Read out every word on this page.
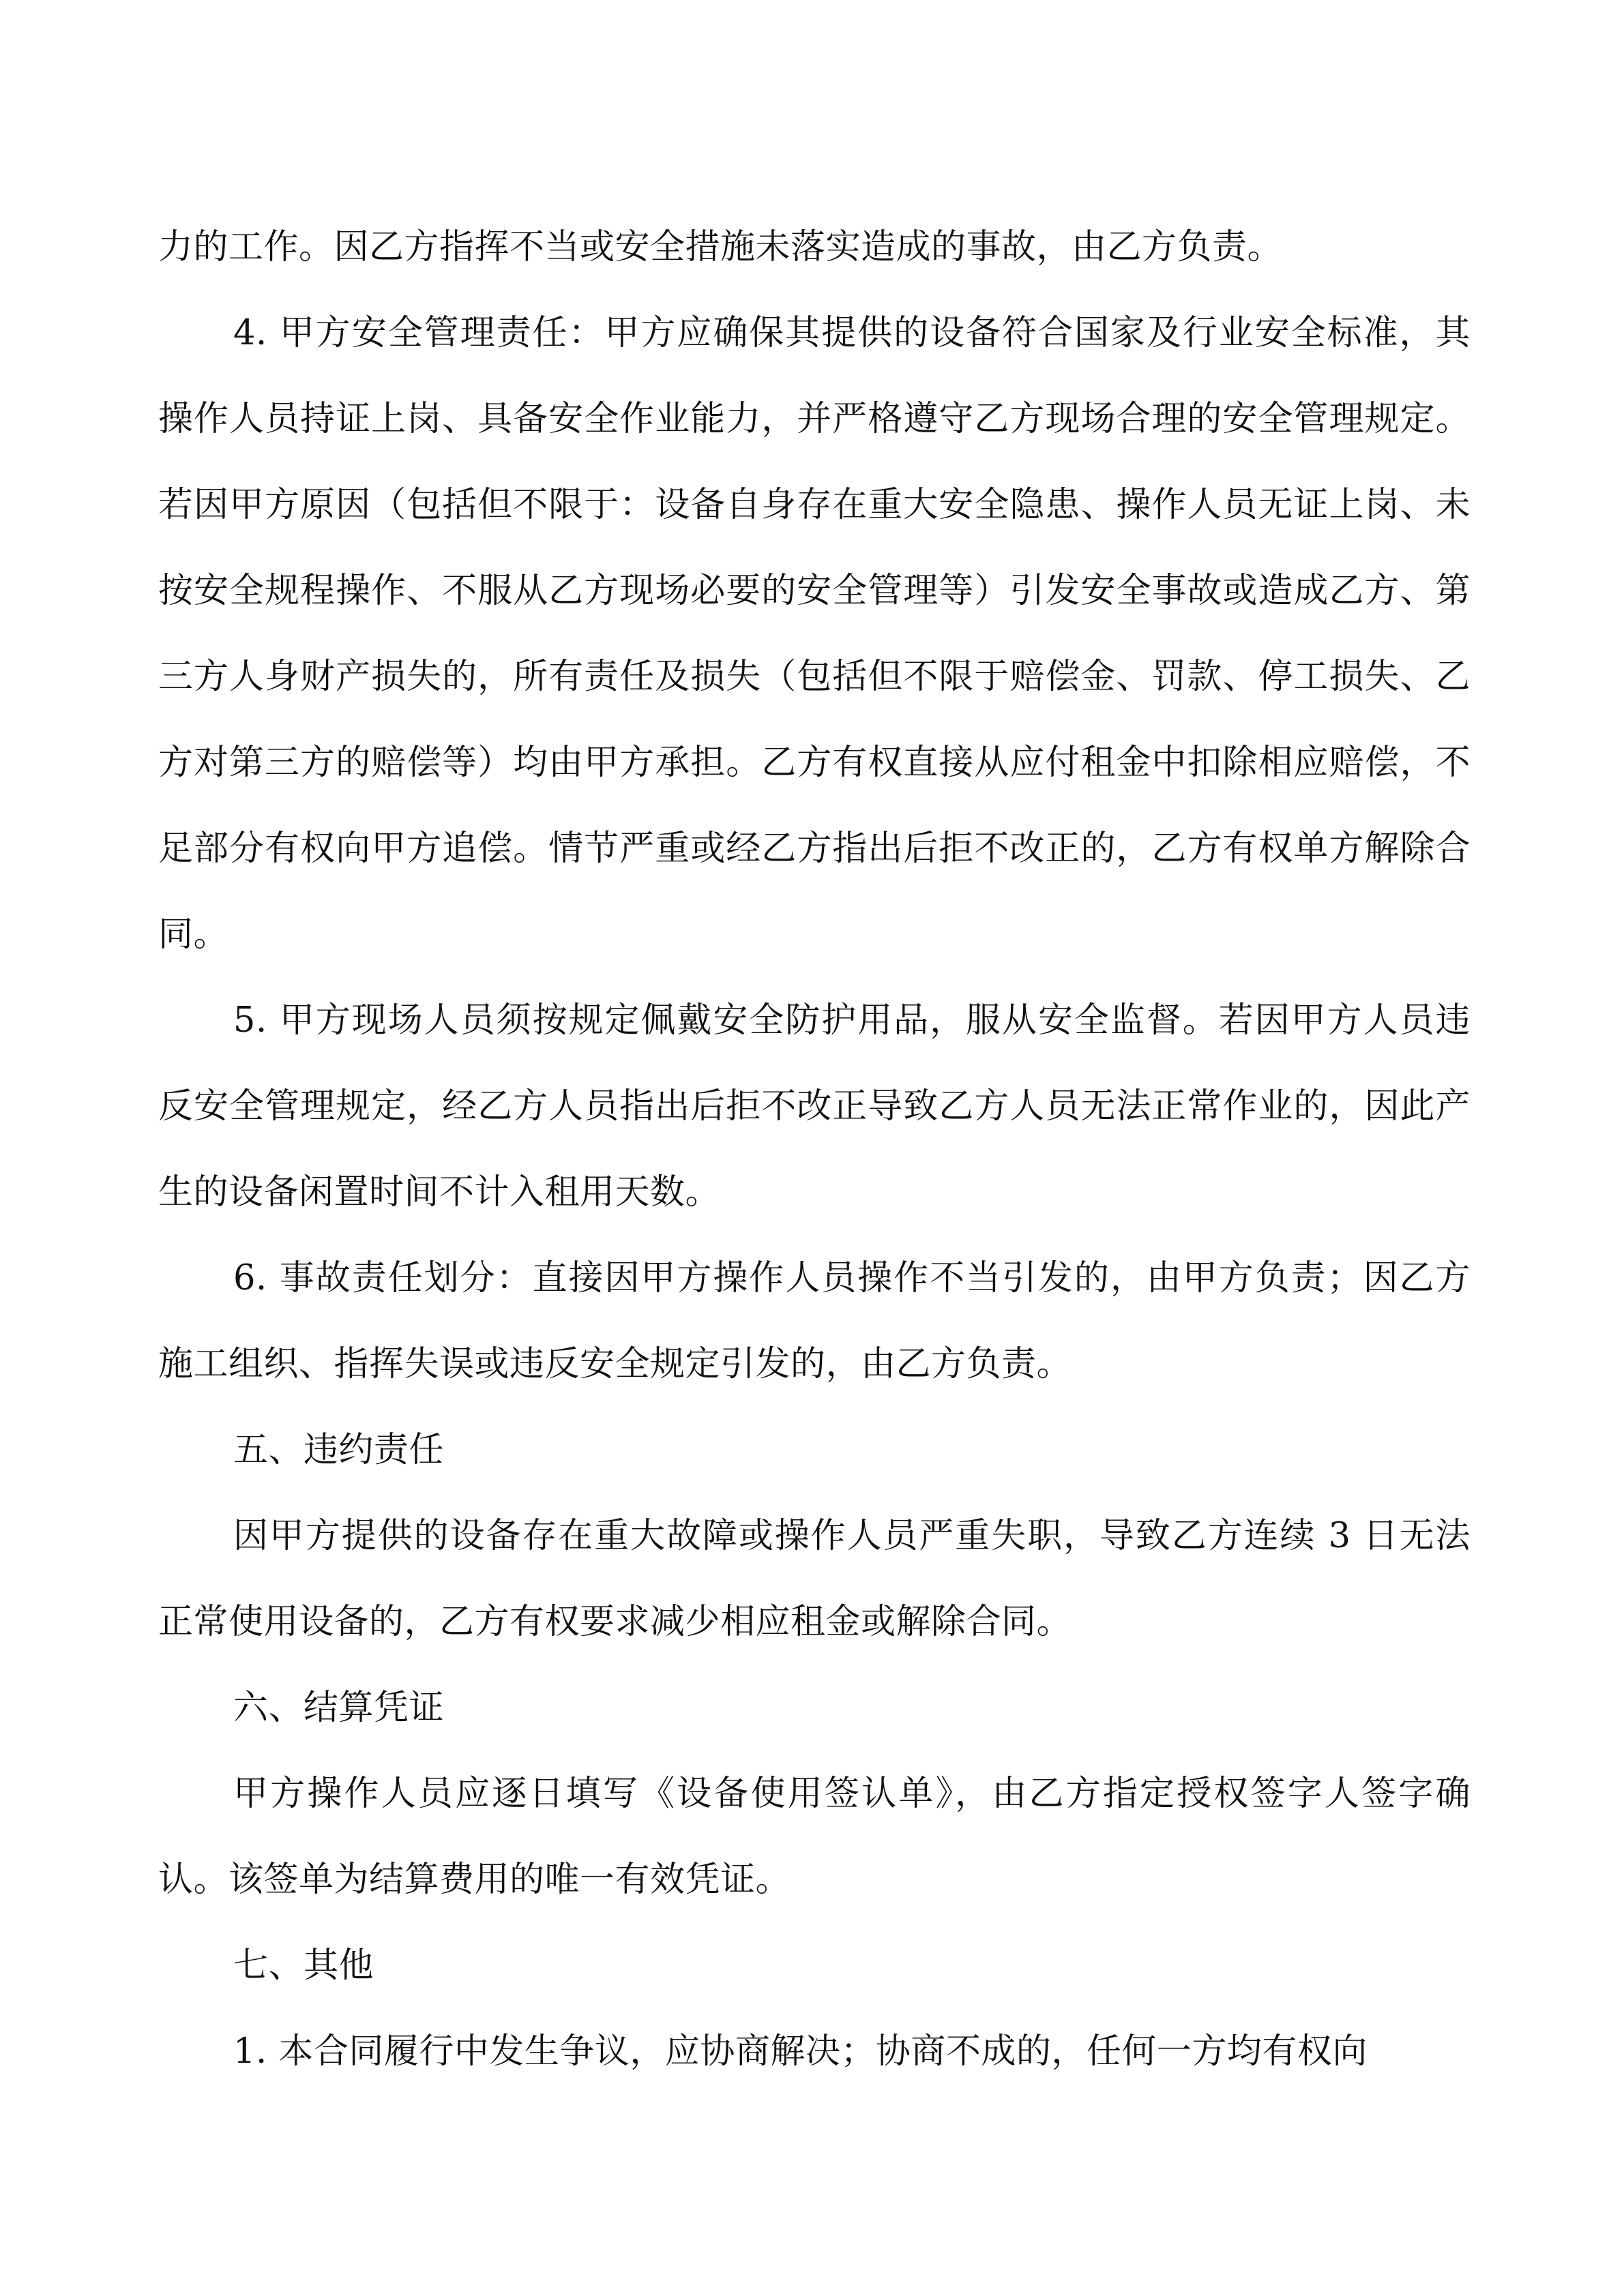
力的工作。因乙方指挥不当或安全措施未落实造成的事故，由乙方负责。

4. 甲方安全管理责任：甲方应确保其提供的设备符合国家及行业安全标准，其操作人员持证上岗、具备安全作业能力，并严格遵守乙方现场合理的安全管理规定。若因甲方原因（包括但不限于：设备自身存在重大安全隐患、操作人员无证上岗、未按安全规程操作、不服从乙方现场必要的安全管理等）引发安全事故或造成乙方、第三方人身财产损失的，所有责任及损失（包括但不限于赔偿金、罚款、停工损失、乙方对第三方的赔偿等）均由甲方承担。乙方有权直接从应付租金中扣除相应赔偿，不足部分有权向甲方追偿。情节严重或经乙方指出后拒不改正的，乙方有权单方解除合同。

5. 甲方现场人员须按规定佩戴安全防护用品，服从安全监督。若因甲方人员违反安全管理规定，经乙方人员指出后拒不改正导致乙方人员无法正常作业的，因此产生的设备闲置时间不计入租用天数。

6. 事故责任划分：直接因甲方操作人员操作不当引发的，由甲方负责；因乙方施工组织、指挥失误或违反安全规定引发的，由乙方负责。

五、违约责任

因甲方提供的设备存在重大故障或操作人员严重失职，导致乙方连续 3 日无法正常使用设备的，乙方有权要求减少相应租金或解除合同。

六、结算凭证

甲方操作人员应逐日填写《设备使用签认单》，由乙方指定授权签字人签字确认。该签单为结算费用的唯一有效凭证。

七、其他

1. 本合同履行中发生争议，应协商解决；协商不成的，任何一方均有权向
